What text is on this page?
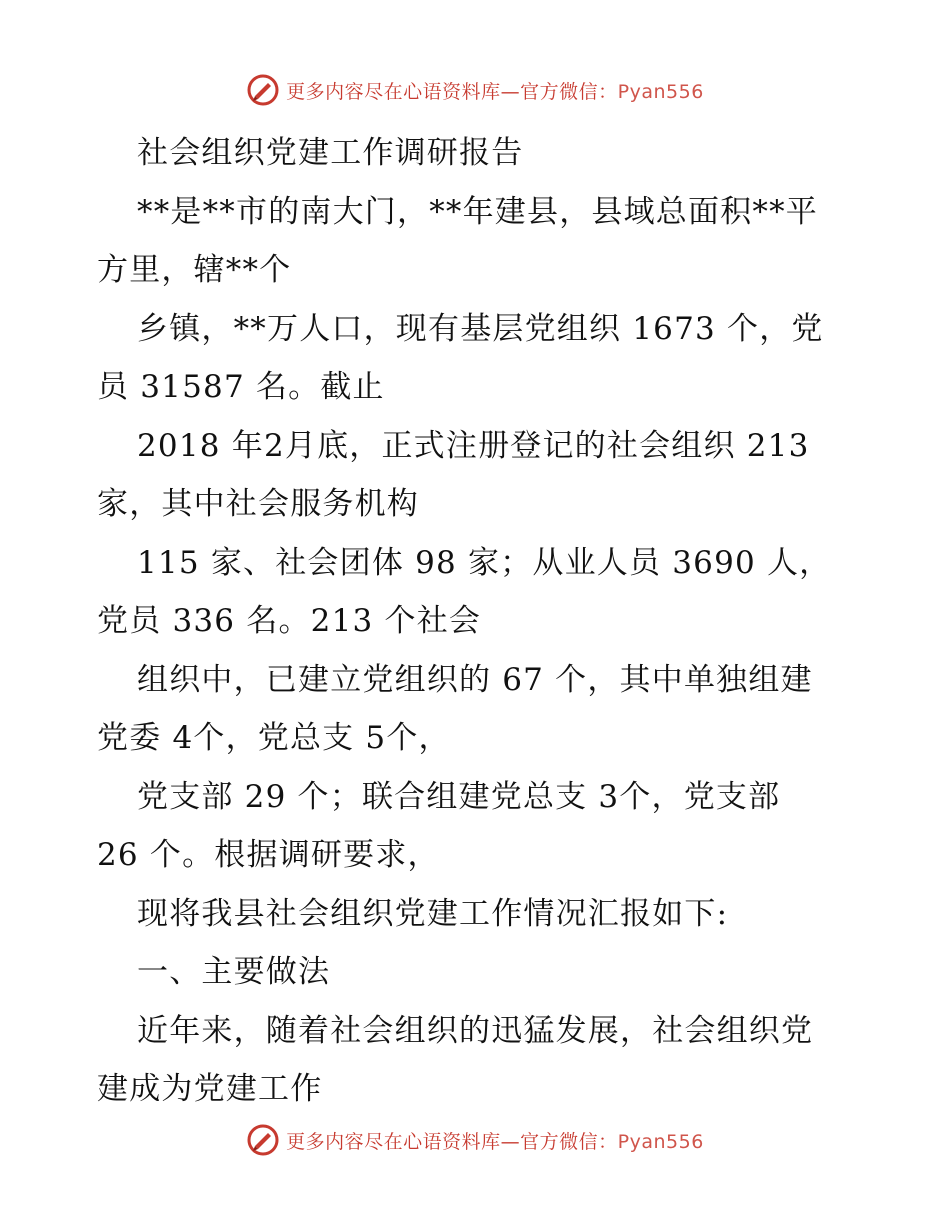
更多内容尽在心语资料库—官方微信：Pyan556
社会组织党建工作调研报告
**是**市的南大门，**年建县，县域总面积**平
方里，辖**个
乡镇，**万人口，现有基层党组织 1673 个，党
员 31587 名。截止
2018 年2月底，正式注册登记的社会组织 213
家，其中社会服务机构
115 家、社会团体 98 家；从业人员 3690 人，
党员 336 名。213 个社会
组织中，已建立党组织的 67 个，其中单独组建
党委 4个，党总支 5个，
党支部 29 个；联合组建党总支 3个，党支部
26 个。根据调研要求，
现将我县社会组织党建工作情况汇报如下:
一、主要做法
近年来，随着社会组织的迅猛发展，社会组织党
建成为党建工作
更多内容尽在心语资料库—官方微信：Pyan556
